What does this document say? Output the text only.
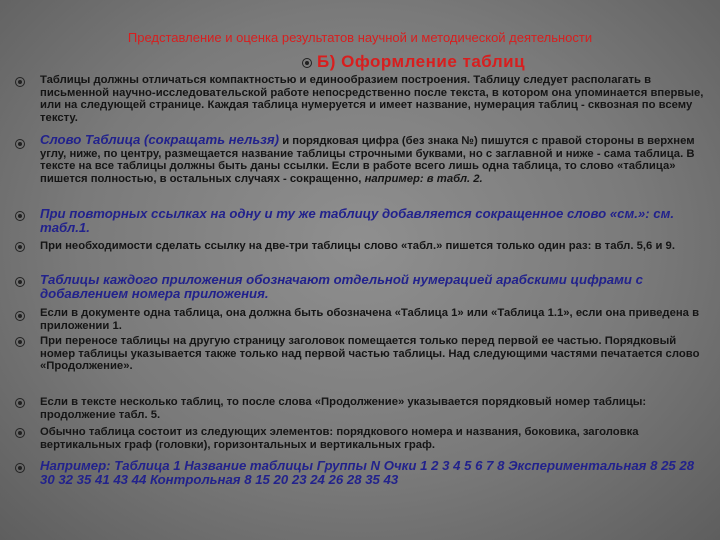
Представление и оценка результатов научной и методической деятельности
Б) Оформление таблиц
Таблицы должны отличаться компактностью и единообразием построения. Таблицу следует располагать в письменной научно-исследовательской работе непосредственно после текста, в котором она упоминается впервые, или на следующей странице. Каждая таблица нумеруется и имеет название, нумерация таблиц - сквозная по всему тексту.
Слово Таблица (сокращать нельзя) и порядковая цифра (без знака №) пишутся с правой стороны в верхнем углу, ниже, по центру, размещается название таблицы строчными буквами, но с заглавной и ниже - сама таблица. В тексте на все таблицы должны быть даны ссылки. Если в работе всего лишь одна таблица, то слово «таблица» пишется полностью, в остальных случаях - сокращенно, например: в табл. 2.
При повторных ссылках на одну и ту же таблицу добавляется сокращенное слово «см.»: см. табл.1.
При необходимости сделать ссылку на две-три таблицы слово «табл.» пишется только один раз: в табл. 5,6 и 9.
Таблицы каждого приложения обозначают отдельной нумерацией арабскими цифрами с добавлением номера приложения.
Если в документе одна таблица, она должна быть обозначена «Таблица 1» или «Таблица 1.1», если она приведена в приложении 1.
При переносе таблицы на другую страницу заголовок помещается только перед первой ее частью. Порядковый номер таблицы указывается также только над первой частью таблицы. Над следующими частями печатается слово «Продолжение».
Если в тексте несколько таблиц, то после слова «Продолжение» указывается порядковый номер таблицы: продолжение табл. 5.
Обычно таблица состоит из следующих элементов: порядкового номера и названия, боковика, заголовка вертикальных граф (головки), горизонтальных и вертикальных граф.
Например: Таблица 1 Название таблицы Группы N Очки 1 2 3 4 5 6 7 8 Экспериментальная 8 25 28 30 32 35 41 43 44 Контрольная 8 15 20 23 24 26 28 35 43
